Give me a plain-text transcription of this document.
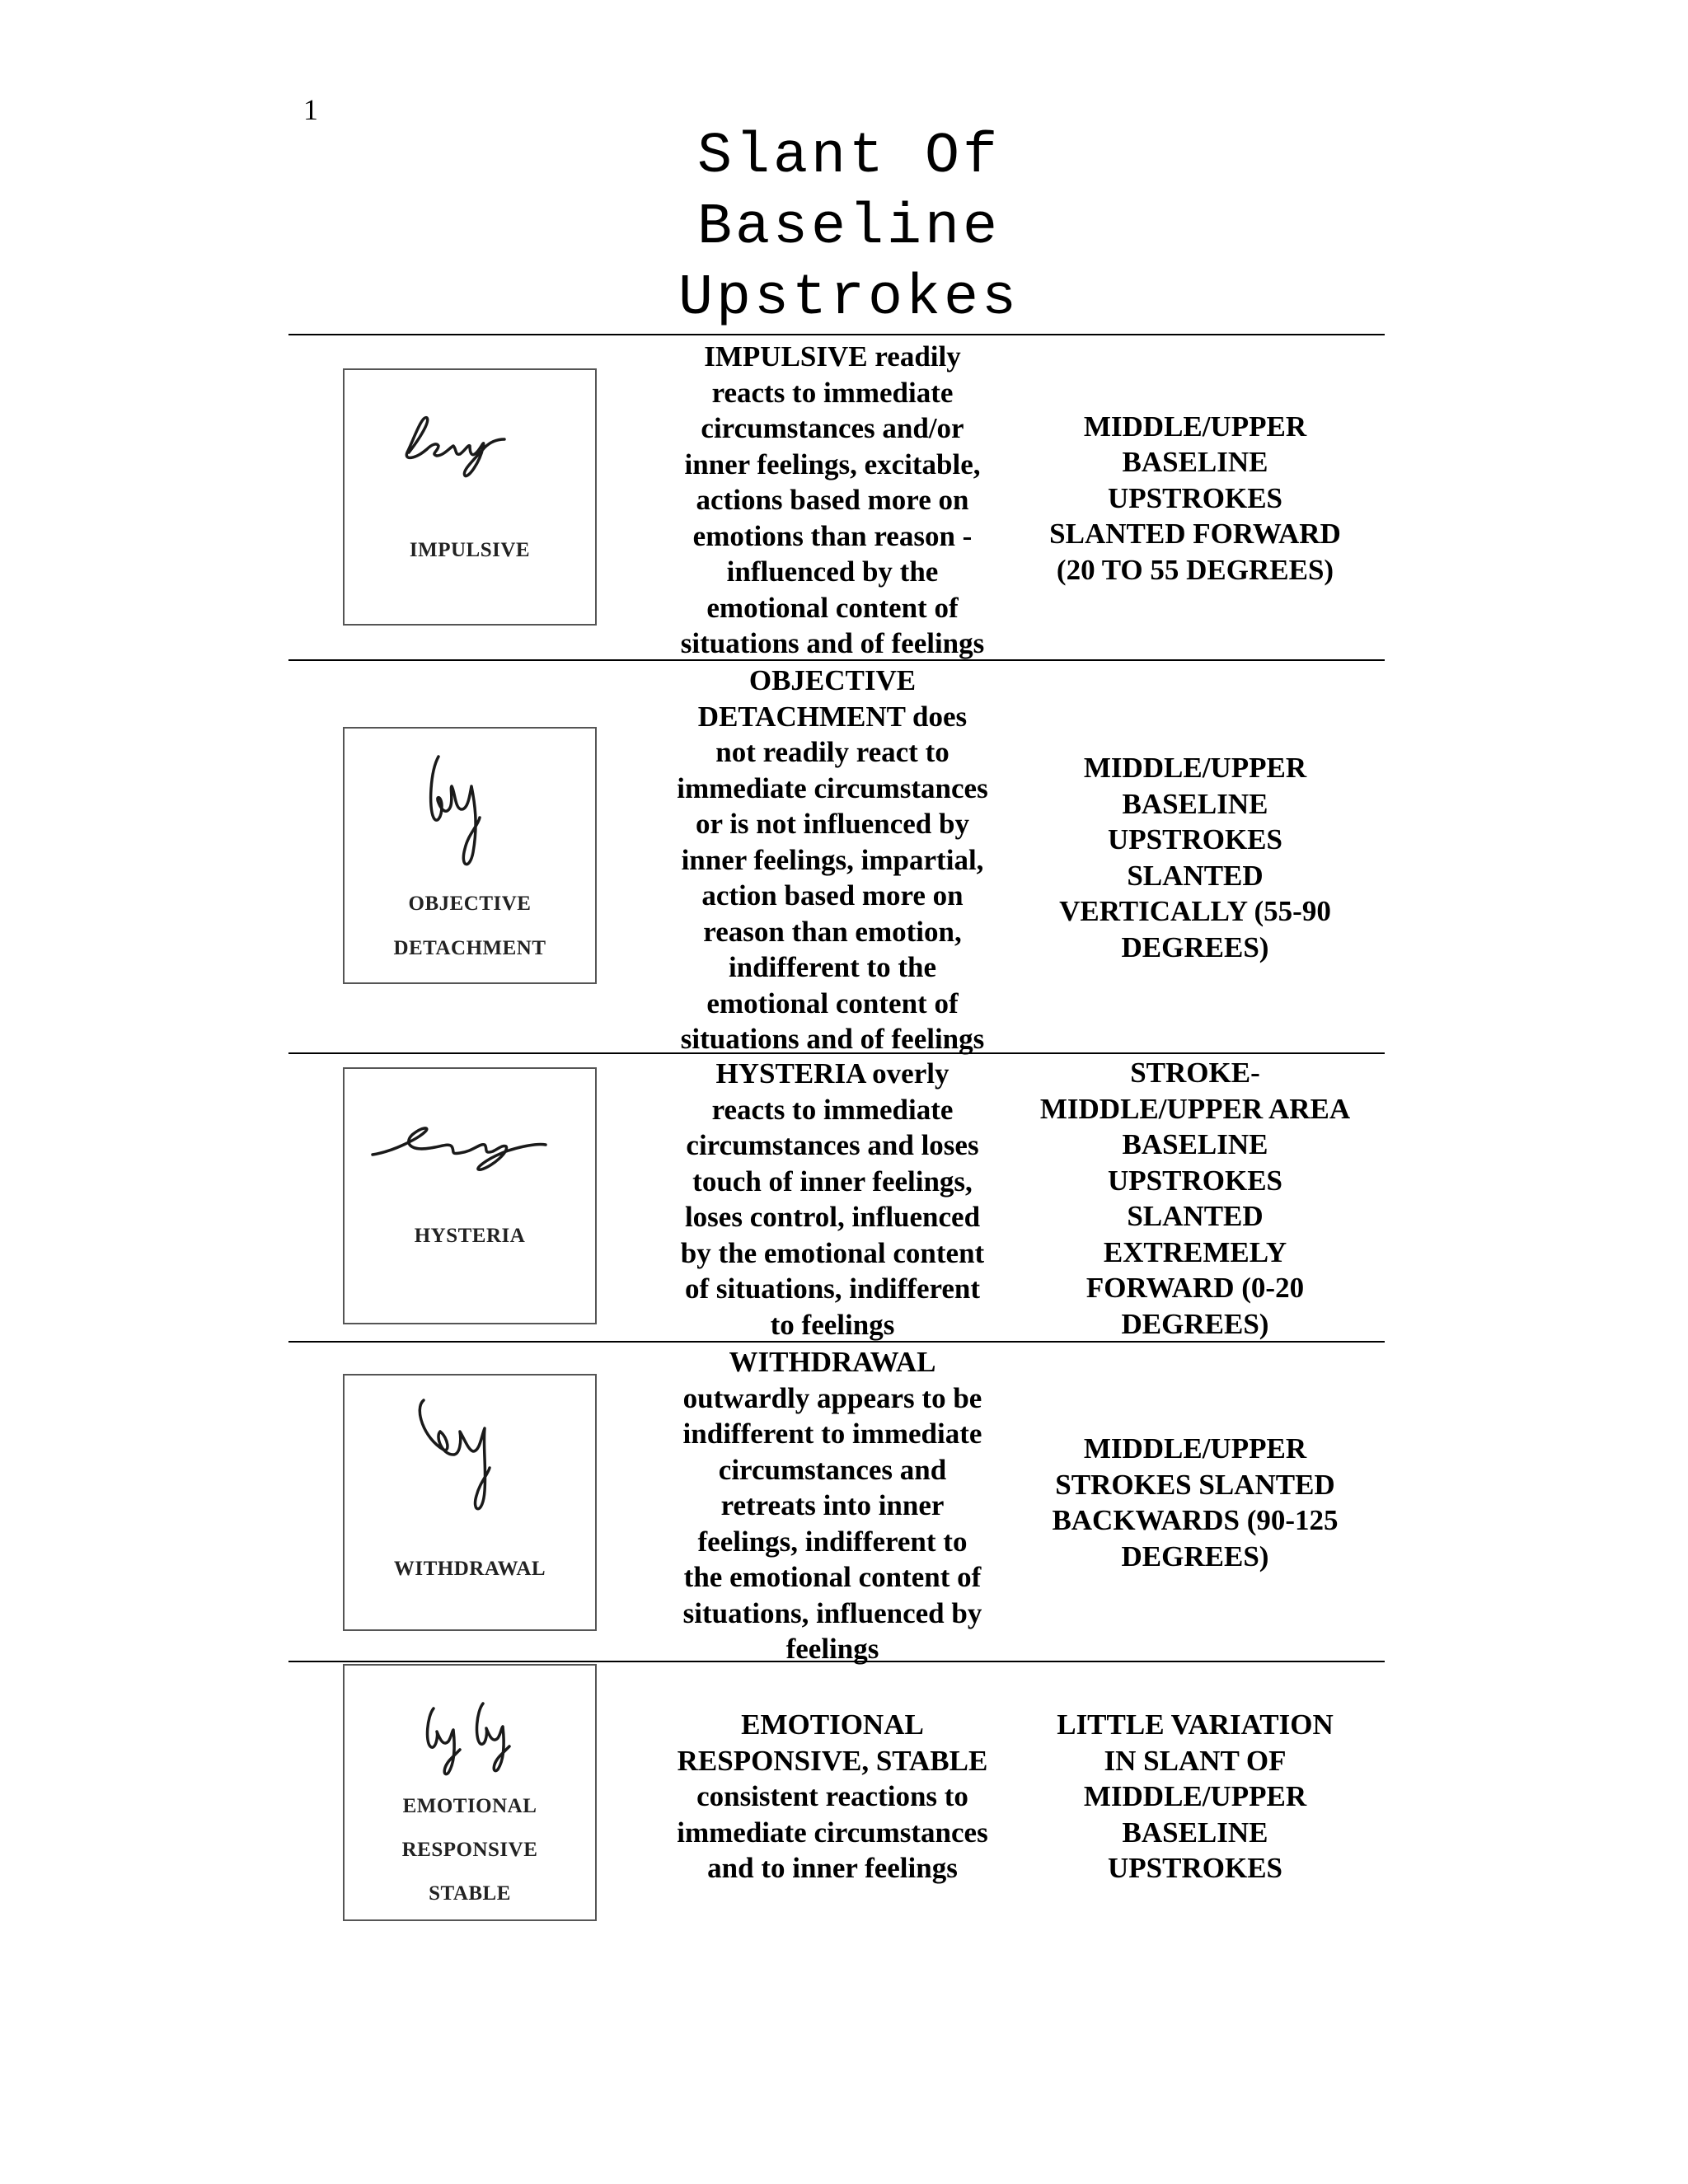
1
Slant Of
Baseline
Upstrokes
IMPULSIVE
IMPULSIVE readily
reacts to immediate
circumstances and/or
inner feelings, excitable,
actions based more on
emotions than reason -
influenced by the
emotional content of
situations and of feelings
MIDDLE/UPPER
BASELINE
UPSTROKES
SLANTED FORWARD
(20 TO 55 DEGREES)
OBJECTIVE
DETACHMENT
OBJECTIVE
DETACHMENT does
not readily react to
immediate circumstances
or is not influenced by
inner feelings, impartial,
action based more on
reason than emotion,
indifferent to the
emotional content of
situations and of feelings
MIDDLE/UPPER
BASELINE
UPSTROKES
SLANTED
VERTICALLY (55-90
DEGREES)
HYSTERIA
HYSTERIA overly
reacts to immediate
circumstances and loses
touch of inner feelings,
loses control, influenced
by the emotional content
of situations, indifferent
to feelings
STROKE-
MIDDLE/UPPER AREA
BASELINE
UPSTROKES
SLANTED
EXTREMELY
FORWARD (0-20
DEGREES)
WITHDRAWAL
WITHDRAWAL
outwardly appears to be
indifferent to immediate
circumstances and
retreats into inner
feelings, indifferent to
the emotional content of
situations, influenced by
feelings
MIDDLE/UPPER
STROKES SLANTED
BACKWARDS (90-125
DEGREES)
EMOTIONAL
RESPONSIVE
STABLE
EMOTIONAL
RESPONSIVE, STABLE
consistent reactions to
immediate circumstances
and to inner feelings
LITTLE VARIATION
IN SLANT OF
MIDDLE/UPPER
BASELINE
UPSTROKES
